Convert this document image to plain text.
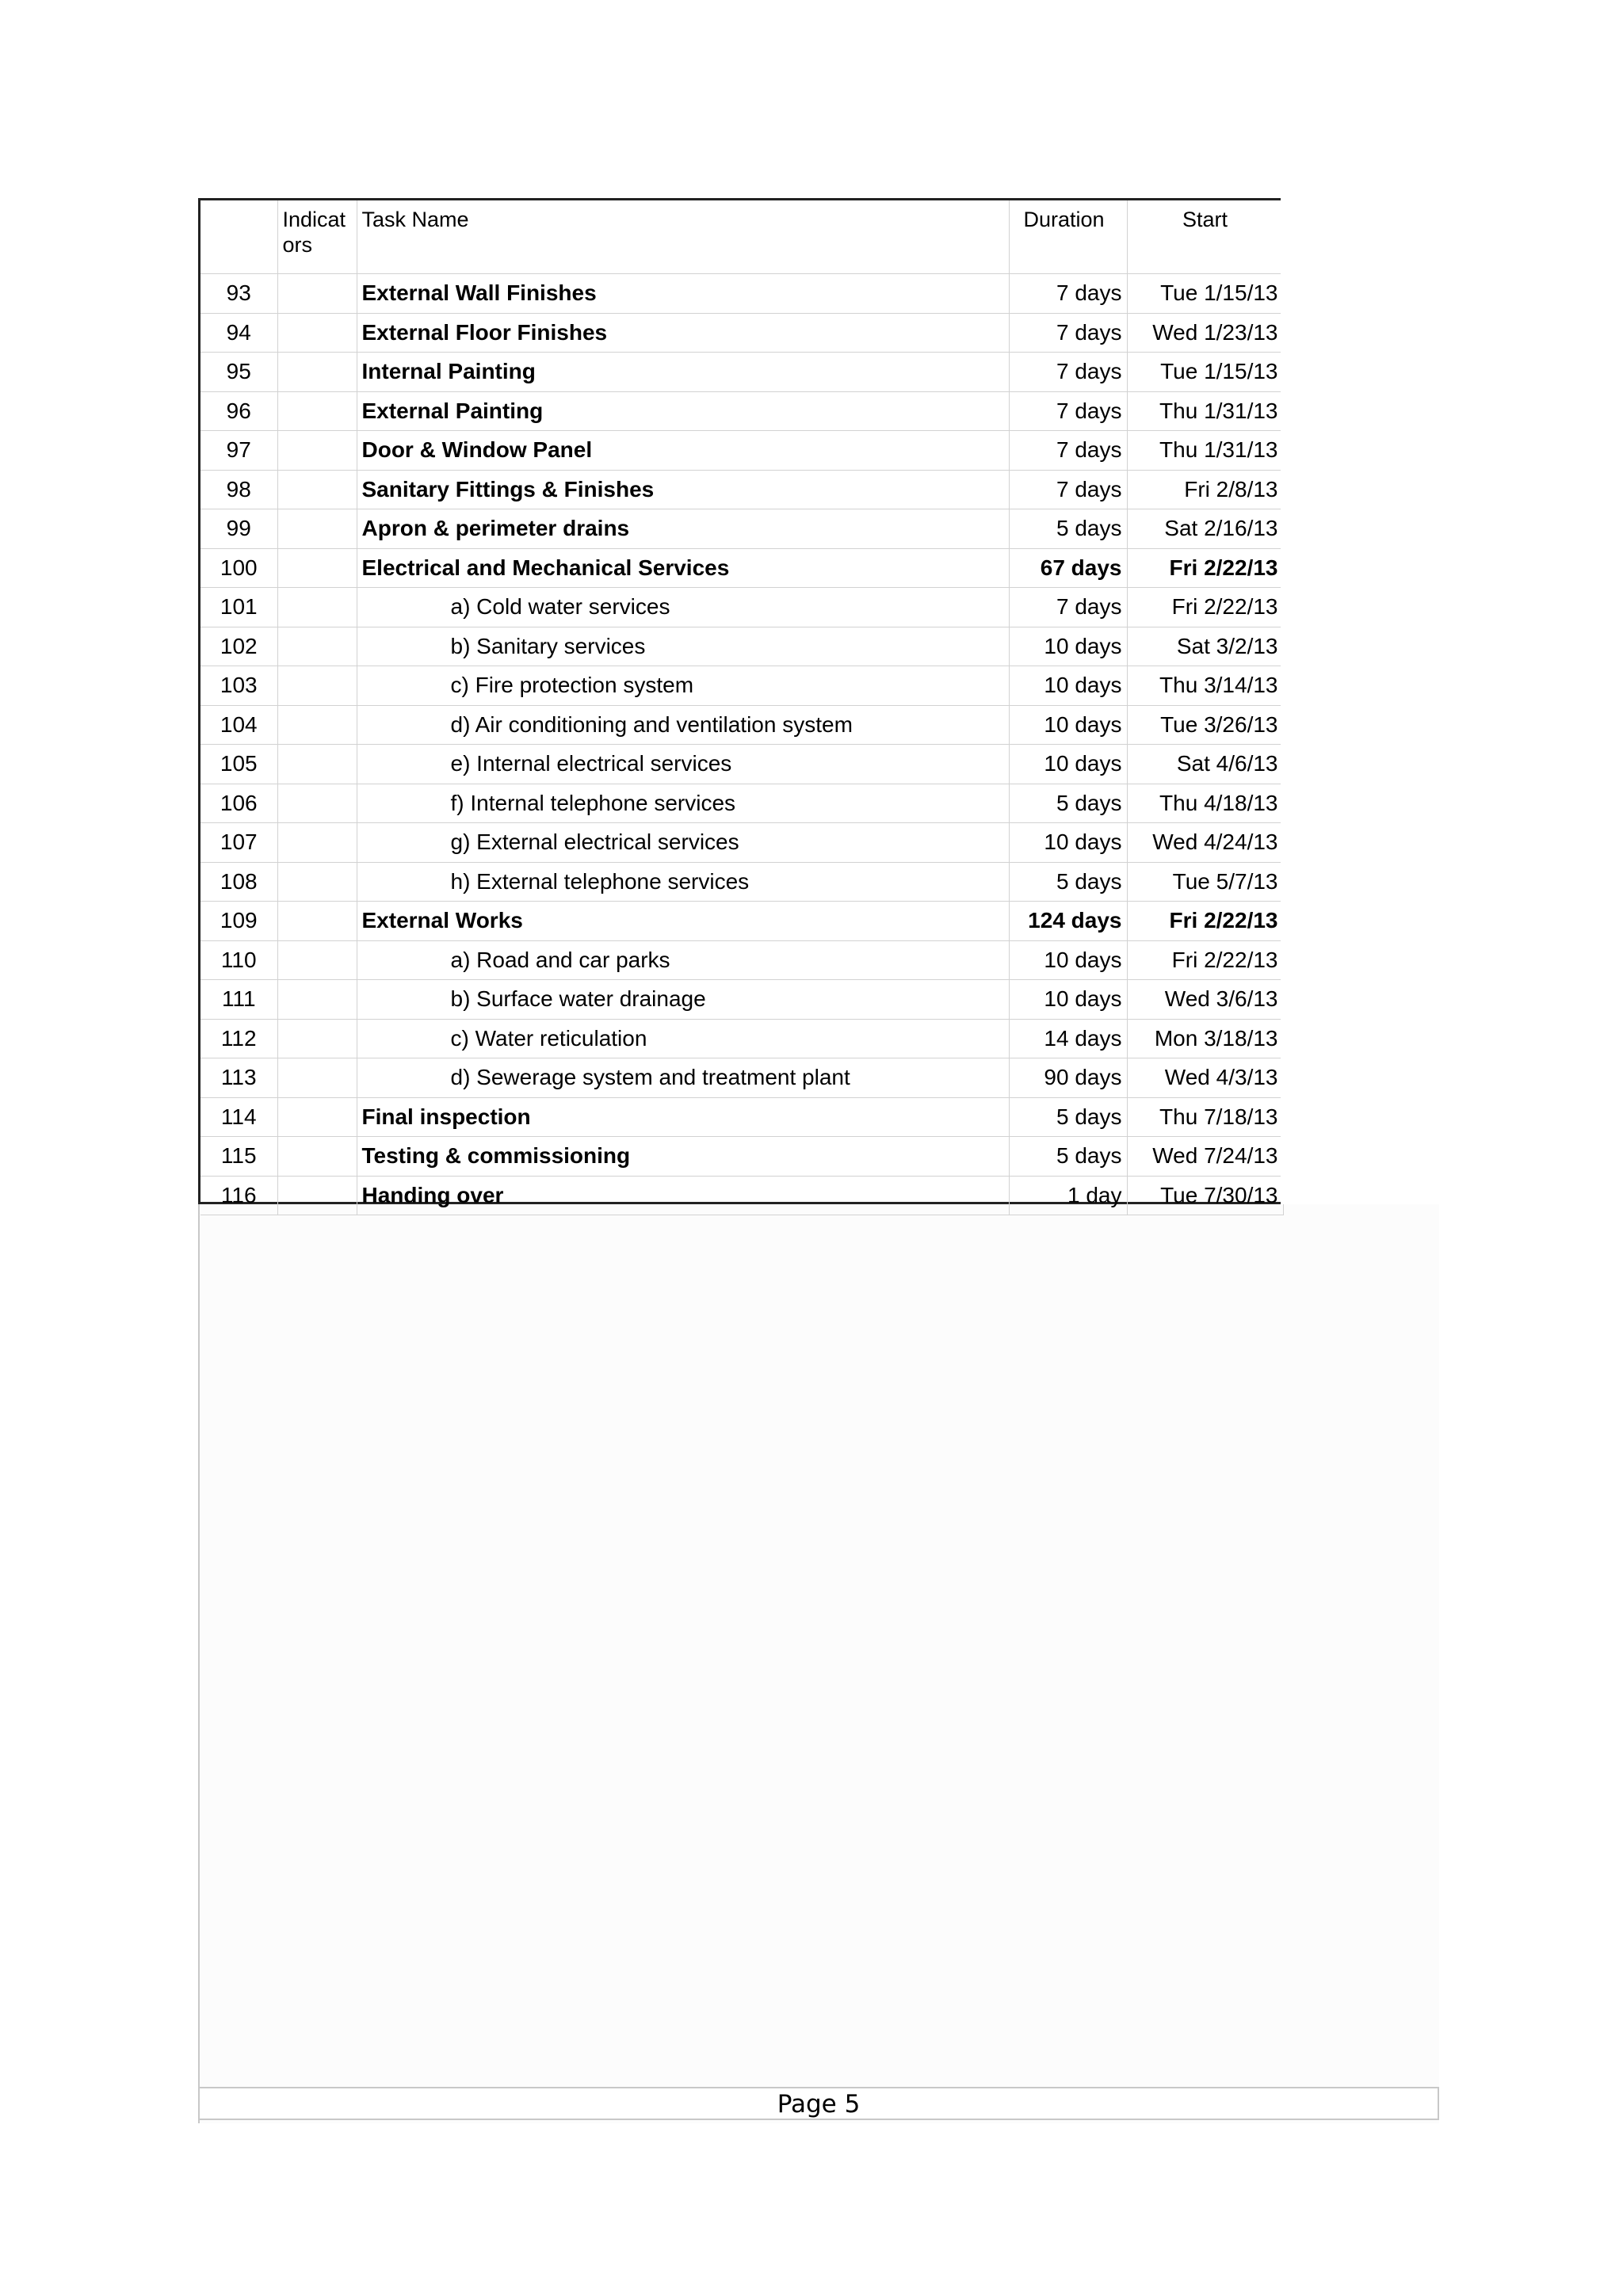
	Indicat ors	Task Name	Duration	Start
93		External Wall Finishes	7 days	Tue 1/15/13
94		External Floor Finishes	7 days	Wed 1/23/13
95		Internal Painting	7 days	Tue 1/15/13
96		External Painting	7 days	Thu 1/31/13
97		Door & Window Panel	7 days	Thu 1/31/13
98		Sanitary Fittings & Finishes	7 days	Fri 2/8/13
99		Apron & perimeter drains	5 days	Sat 2/16/13
100		Electrical and Mechanical Services	67 days	Fri 2/22/13
101		a) Cold water services	7 days	Fri 2/22/13
102		b) Sanitary services	10 days	Sat 3/2/13
103		c) Fire protection system	10 days	Thu 3/14/13
104		d) Air conditioning and ventilation system	10 days	Tue 3/26/13
105		e) Internal electrical services	10 days	Sat 4/6/13
106		f) Internal telephone services	5 days	Thu 4/18/13
107		g) External electrical services	10 days	Wed 4/24/13
108		h) External telephone services	5 days	Tue 5/7/13
109		External Works	124 days	Fri 2/22/13
110		a) Road and car parks	10 days	Fri 2/22/13
111		b) Surface water drainage	10 days	Wed 3/6/13
112		c) Water reticulation	14 days	Mon 3/18/13
113		d) Sewerage system and treatment plant	90 days	Wed 4/3/13
114		Final inspection	5 days	Thu 7/18/13
115		Testing & commissioning	5 days	Wed 7/24/13
116		Handing over	1 day	Tue 7/30/13
Page 5
